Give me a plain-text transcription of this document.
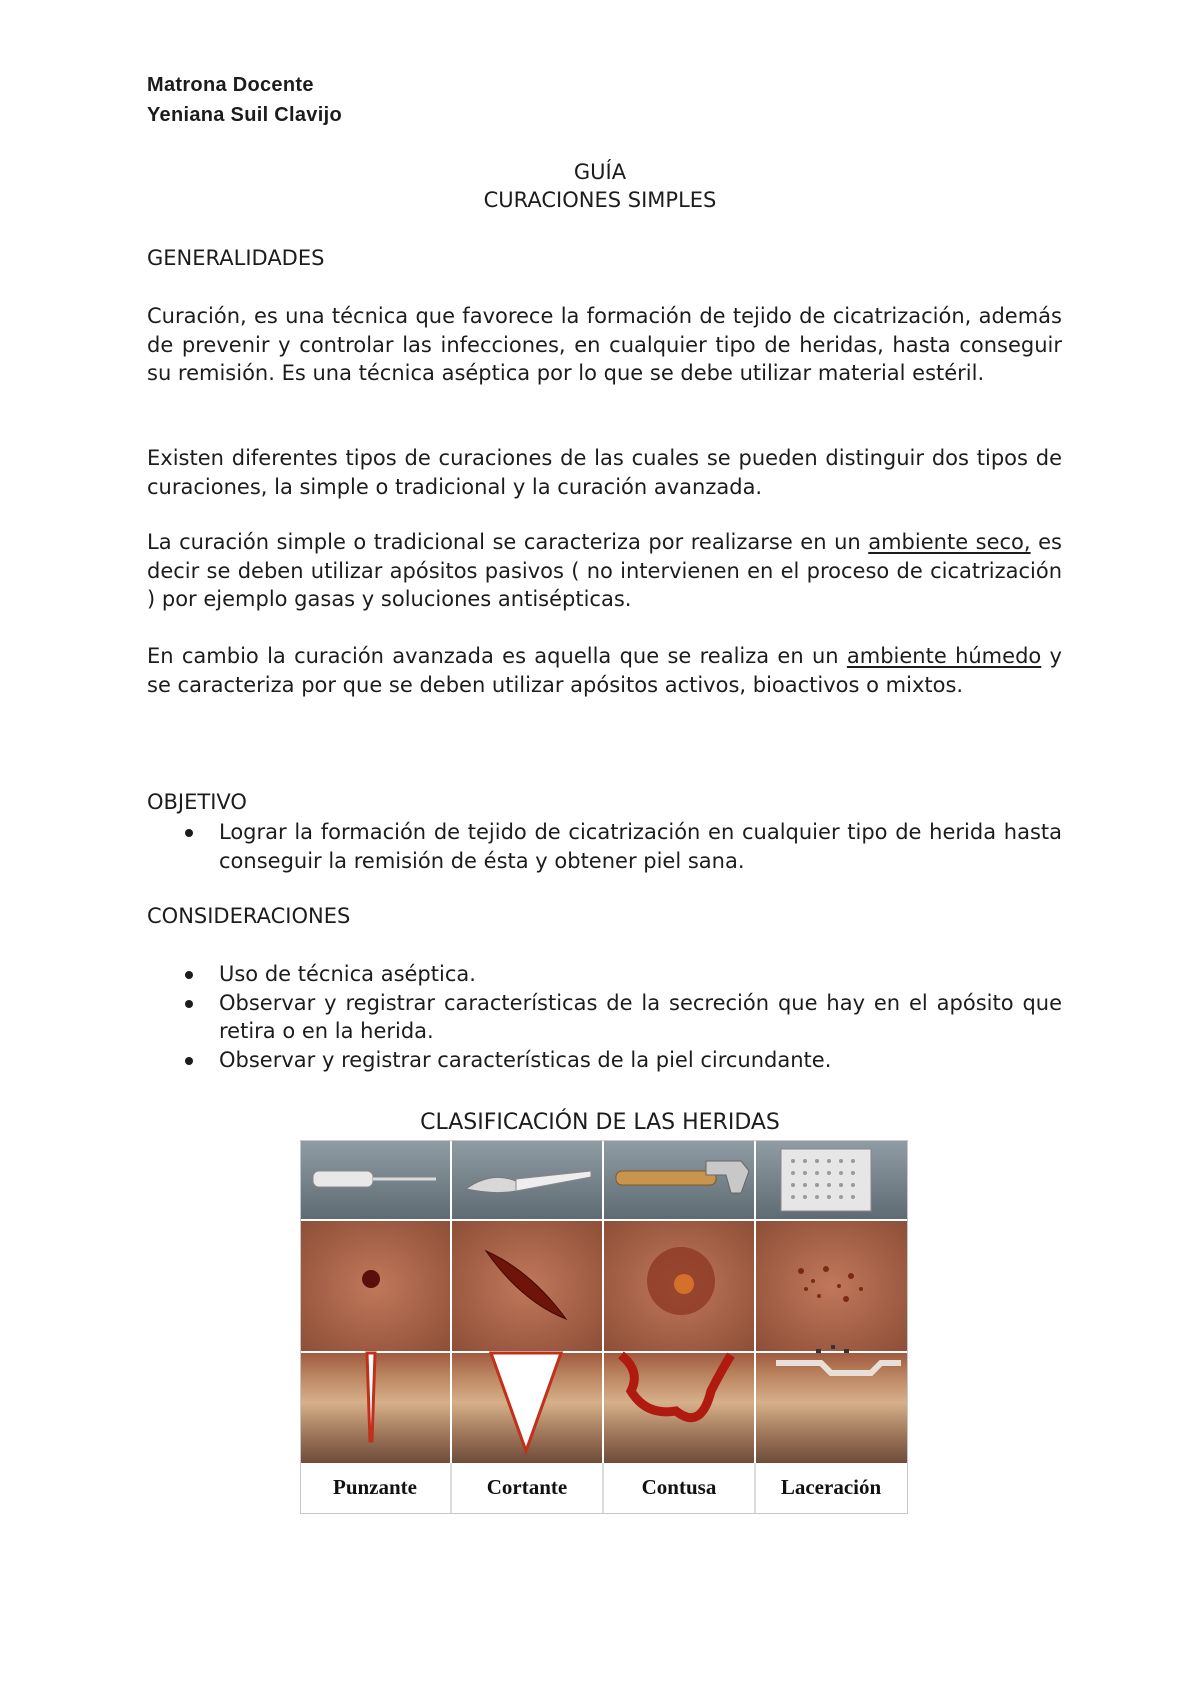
Matrona Docente
Yeniana Suil Clavijo
GUÍA
CURACIONES SIMPLES
GENERALIDADES

Curación, es una técnica que favorece la formación de tejido de cicatrización, además de prevenir y controlar las infecciones, en cualquier tipo de heridas, hasta conseguir su remisión. Es una técnica aséptica por lo que se debe utilizar material estéril.

Existen diferentes tipos de curaciones de las cuales se pueden distinguir dos tipos de curaciones, la simple o tradicional y la curación avanzada.

La curación simple o tradicional se caracteriza por realizarse en un ambiente seco, es decir se deben utilizar apósitos pasivos ( no intervienen en el proceso de cicatrización ) por ejemplo gasas y soluciones antisépticas.

En cambio la curación avanzada es aquella que se realiza en un ambiente húmedo y se caracteriza por que se deben utilizar apósitos activos, bioactivos o mixtos.

OBJETIVO
Lograr la formación de tejido de cicatrización en cualquier tipo de herida hasta conseguir la remisión de ésta y obtener piel sana.
CONSIDERACIONES
Uso de técnica aséptica.
Observar y registrar características de la secreción que hay en el apósito que retira o en la herida.
Observar y registrar características de la piel circundante.
CLASIFICACIÓN DE LAS HERIDAS
Punzante	Cortante	Contusa	Laceración
